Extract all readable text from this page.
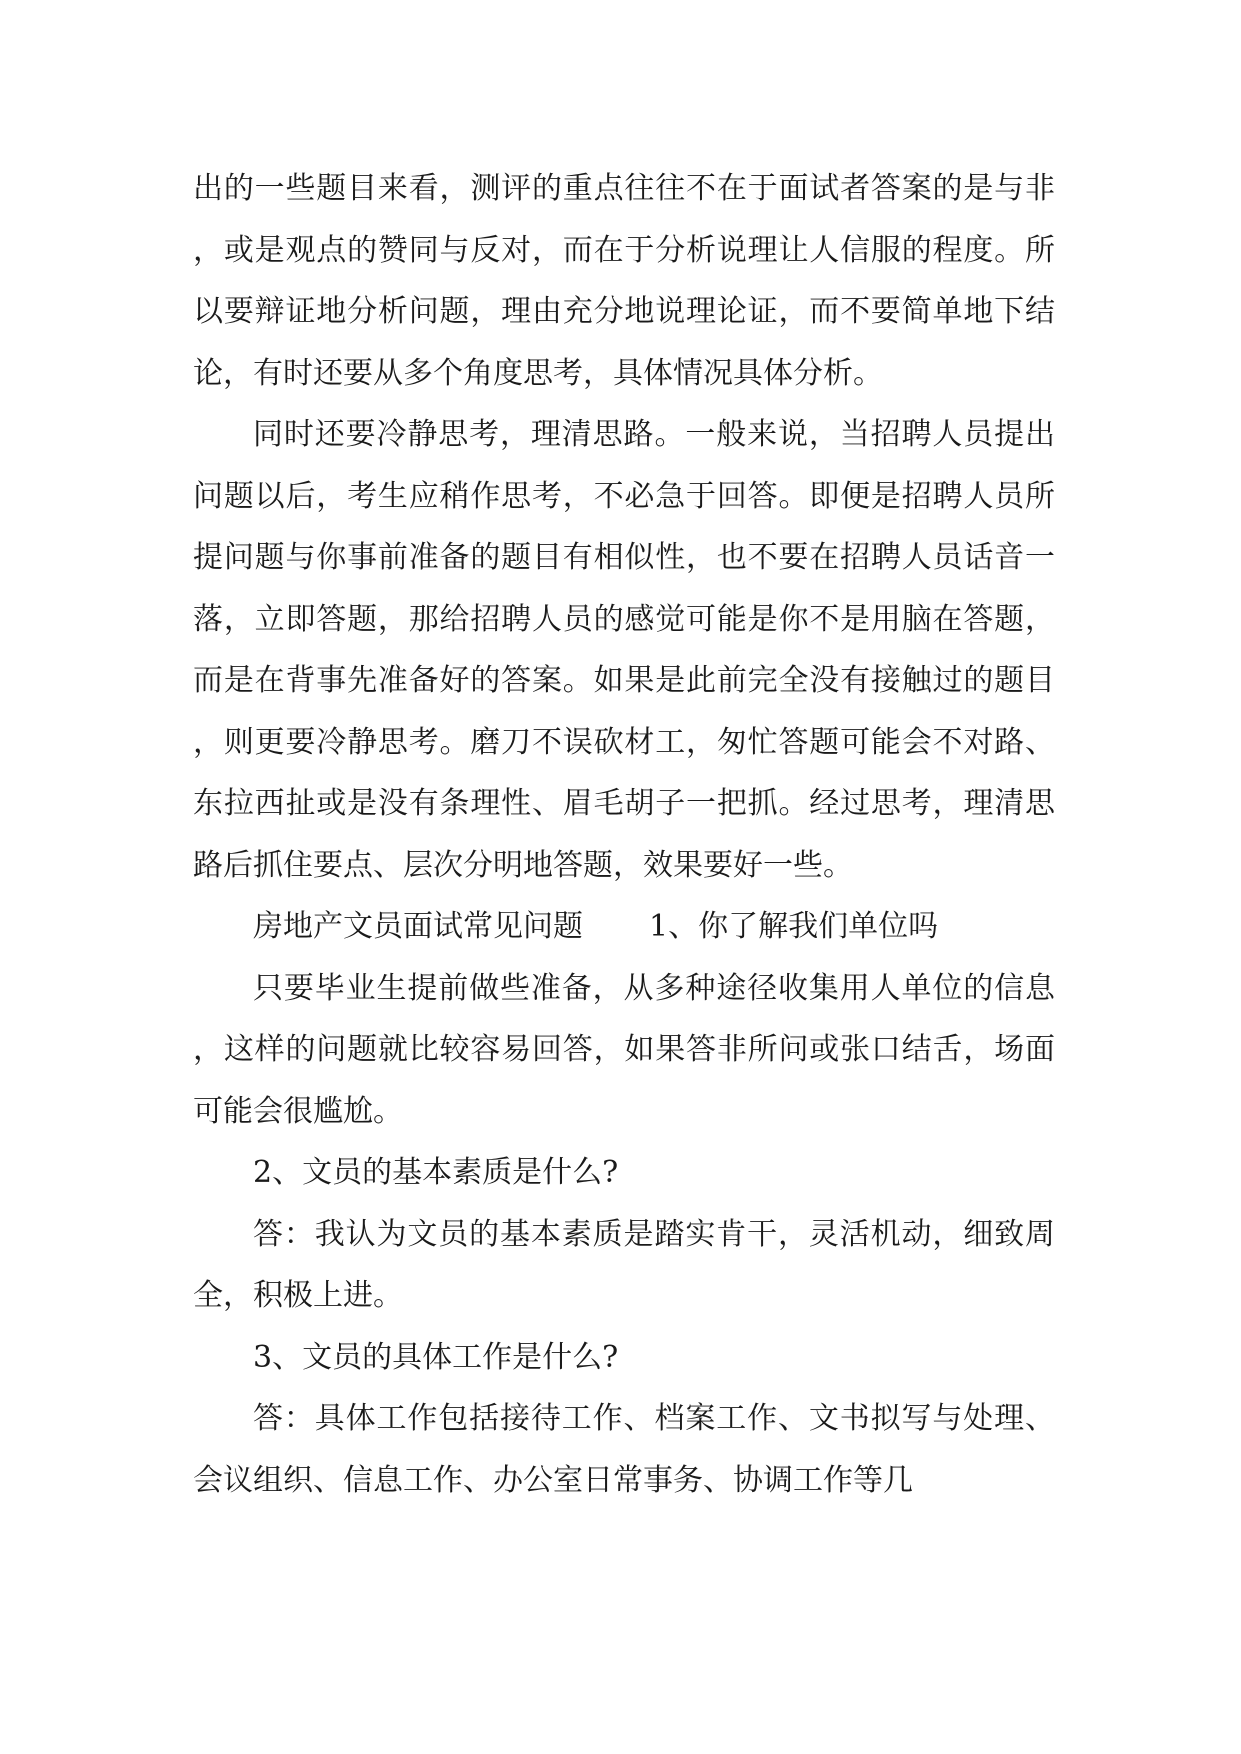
出的一些题目来看，测评的重点往往不在于面试者答案的是与非，或是观点的赞同与反对，而在于分析说理让人信服的程度。所以要辩证地分析问题，理由充分地说理论证，而不要简单地下结论，有时还要从多个角度思考，具体情况具体分析。

同时还要冷静思考，理清思路。一般来说，当招聘人员提出问题以后，考生应稍作思考，不必急于回答。即便是招聘人员所提问题与你事前准备的题目有相似性，也不要在招聘人员话音一落，立即答题，那给招聘人员的感觉可能是你不是用脑在答题，而是在背事先准备好的答案。如果是此前完全没有接触过的题目，则更要冷静思考。磨刀不误砍材工，匆忙答题可能会不对路、东拉西扯或是没有条理性、眉毛胡子一把抓。经过思考，理清思路后抓住要点、层次分明地答题，效果要好一些。

房地产文员面试常见问题 1、你了解我们单位吗

只要毕业生提前做些准备，从多种途径收集用人单位的信息，这样的问题就比较容易回答，如果答非所问或张口结舌，场面可能会很尴尬。

2、文员的基本素质是什么?

答：我认为文员的基本素质是踏实肯干，灵活机动，细致周全，积极上进。

3、文员的具体工作是什么?

答：具体工作包括接待工作、档案工作、文书拟写与处理、会议组织、信息工作、办公室日常事务、协调工作等几
